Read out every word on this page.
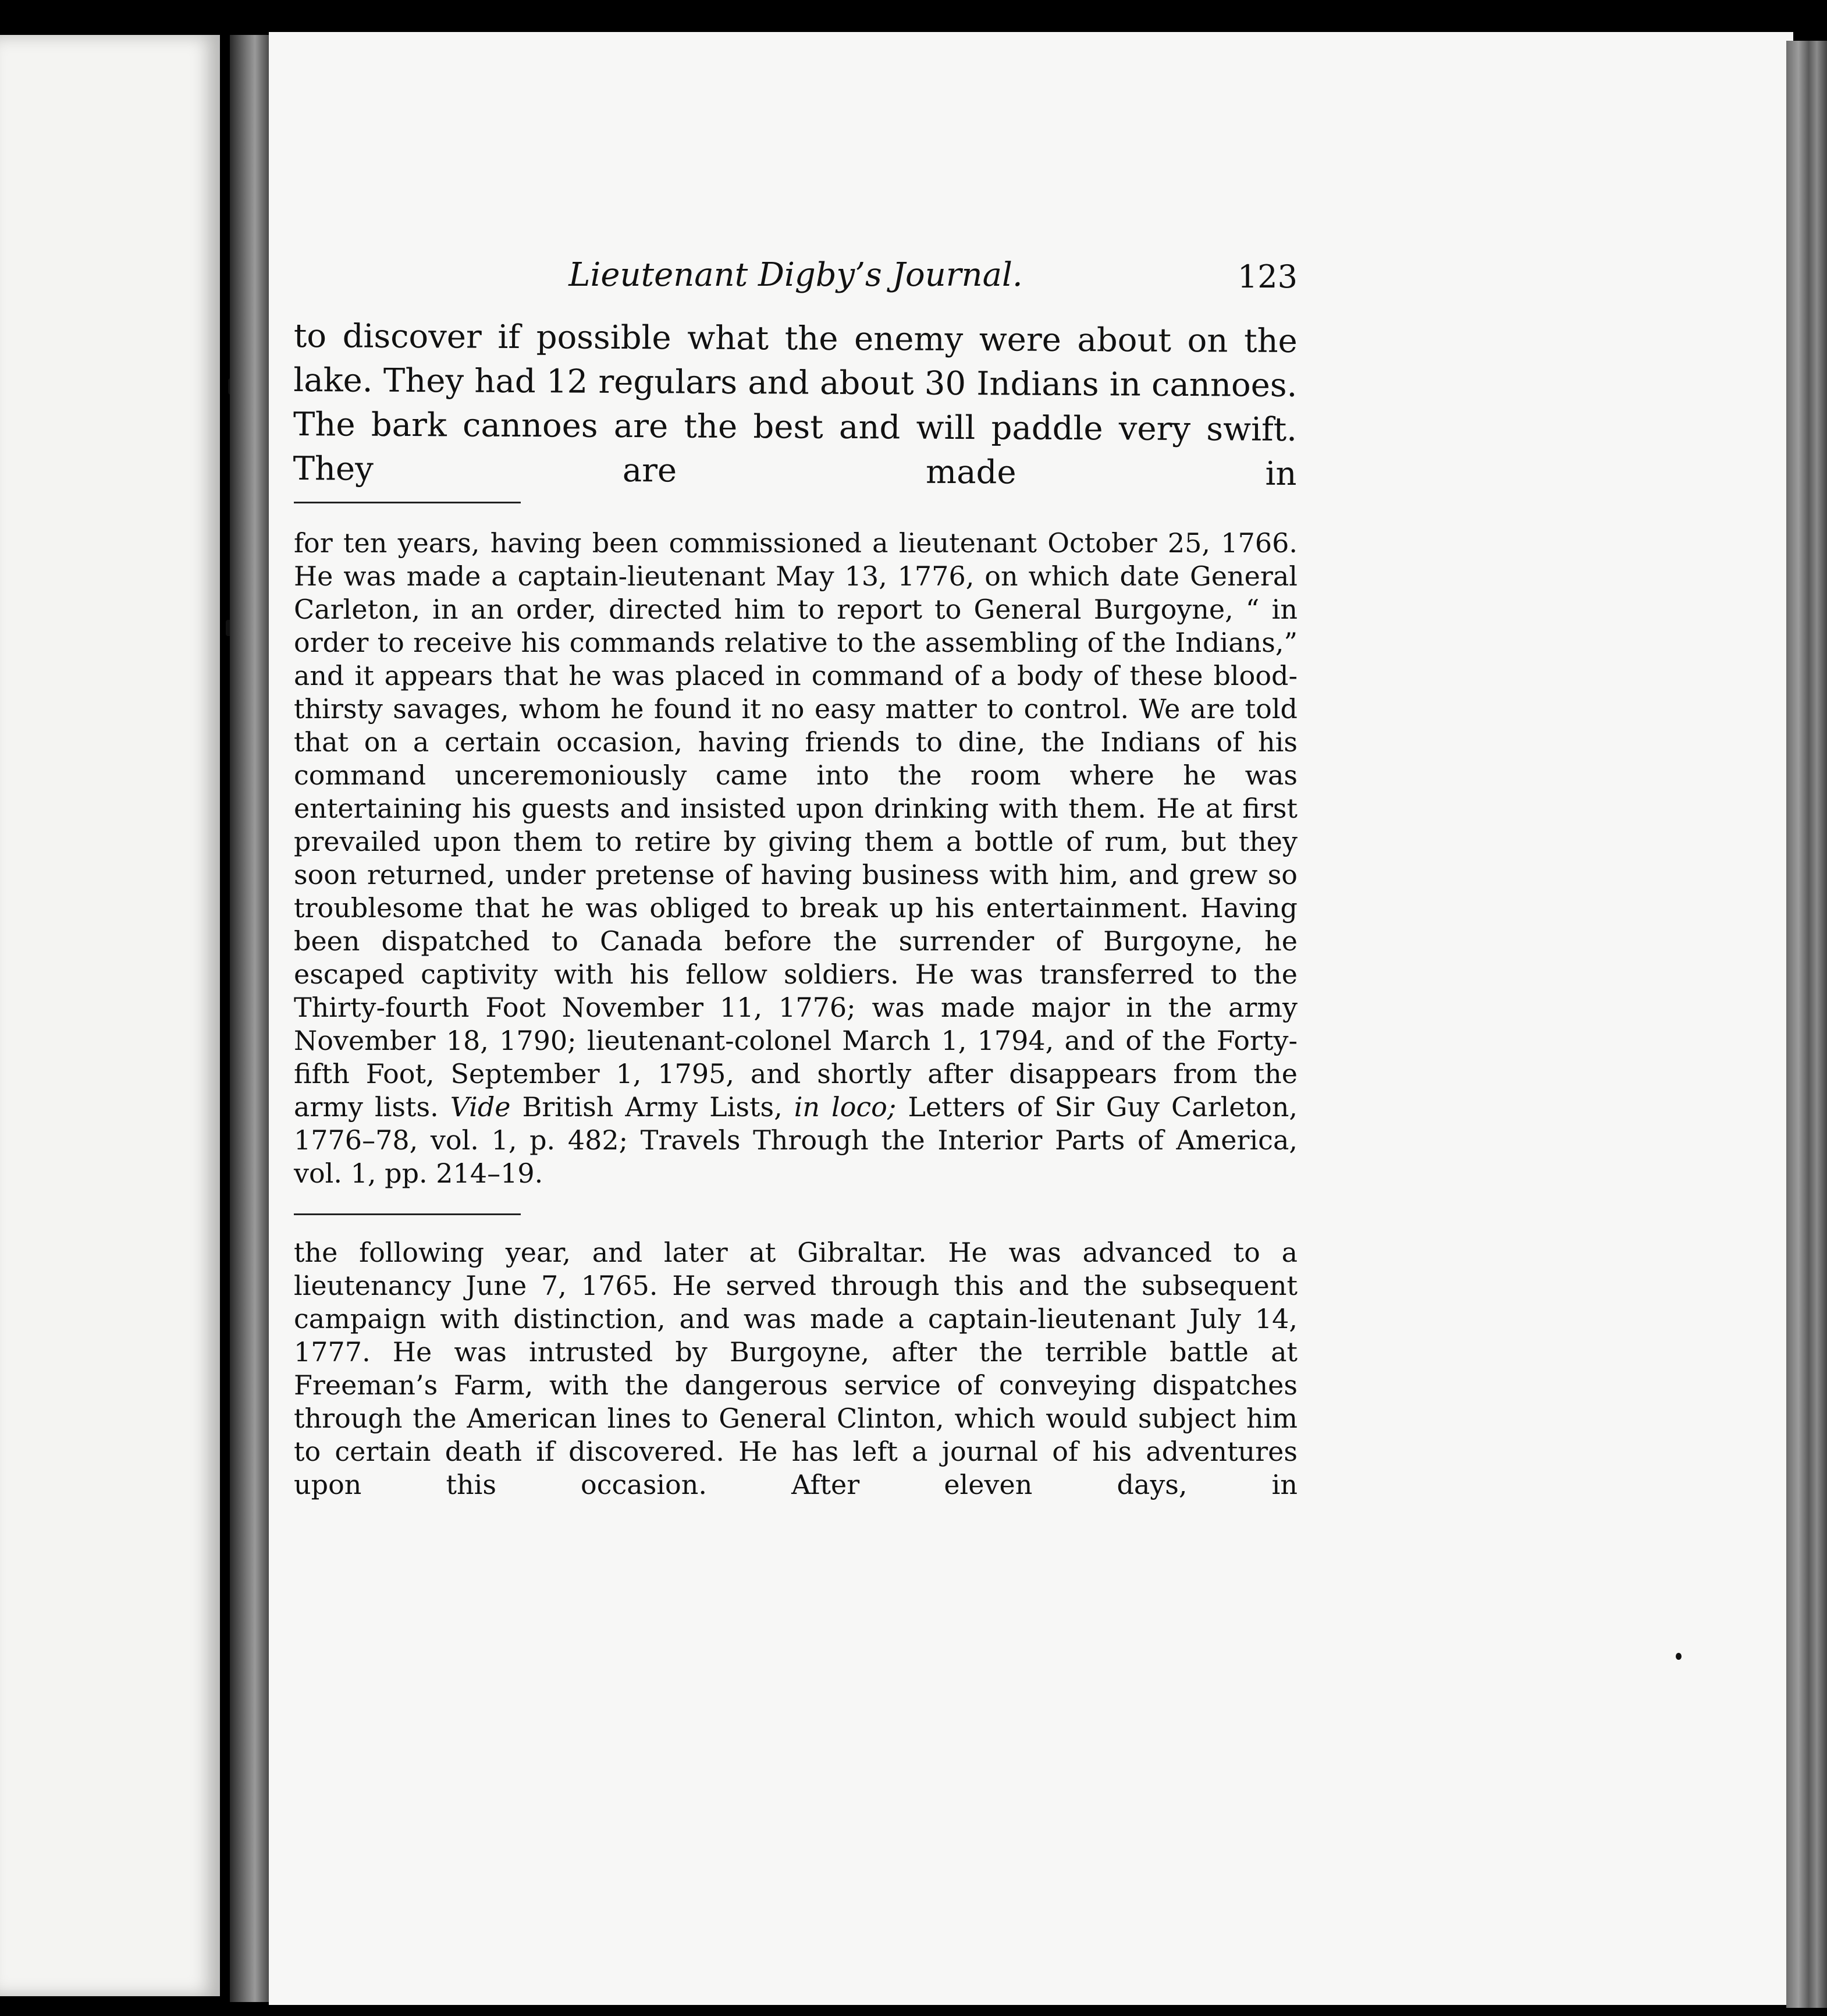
Lieutenant Digby’s Journal.	123

to discover if possible what the enemy were about on the lake. They had 12 regulars and about 30 Indians in cannoes. The bark cannoes are the best and will paddle very swift. They are made in

for ten years, having been commissioned a lieutenant October 25, 1766. He was made a captain-lieutenant May 13, 1776, on which date General Carleton, in an order, directed him to report to General Burgoyne, “ in order to receive his commands relative to the assembling of the Indians,” and it appears that he was placed in command of a body of these blood-thirsty savages, whom he found it no easy matter to control. We are told that on a certain occasion, having friends to dine, the Indians of his command unceremoniously came into the room where he was entertaining his guests and insisted upon drinking with them. He at first prevailed upon them to retire by giving them a bottle of rum, but they soon returned, under pretense of having business with him, and grew so troublesome that he was obliged to break up his entertainment. Having been dispatched to Canada before the surrender of Burgoyne, he escaped captivity with his fellow soldiers. He was transferred to the Thirty-fourth Foot November 11, 1776; was made major in the army November 18, 1790; lieutenant-colonel March 1, 1794, and of the Forty-fifth Foot, September 1, 1795, and shortly after disappears from the army lists. Vide British Army Lists, in loco; Letters of Sir Guy Carleton, 1776–78, vol. 1, p. 482; Travels Through the Interior Parts of America, vol. 1, pp. 214–19.

the following year, and later at Gibraltar. He was advanced to a lieutenancy June 7, 1765. He served through this and the subsequent campaign with distinction, and was made a captain-lieutenant July 14, 1777. He was intrusted by Burgoyne, after the terrible battle at Freeman’s Farm, with the dangerous service of conveying dispatches through the American lines to General Clinton, which would subject him to certain death if discovered. He has left a journal of his adventures upon this occasion. After eleven days, in
